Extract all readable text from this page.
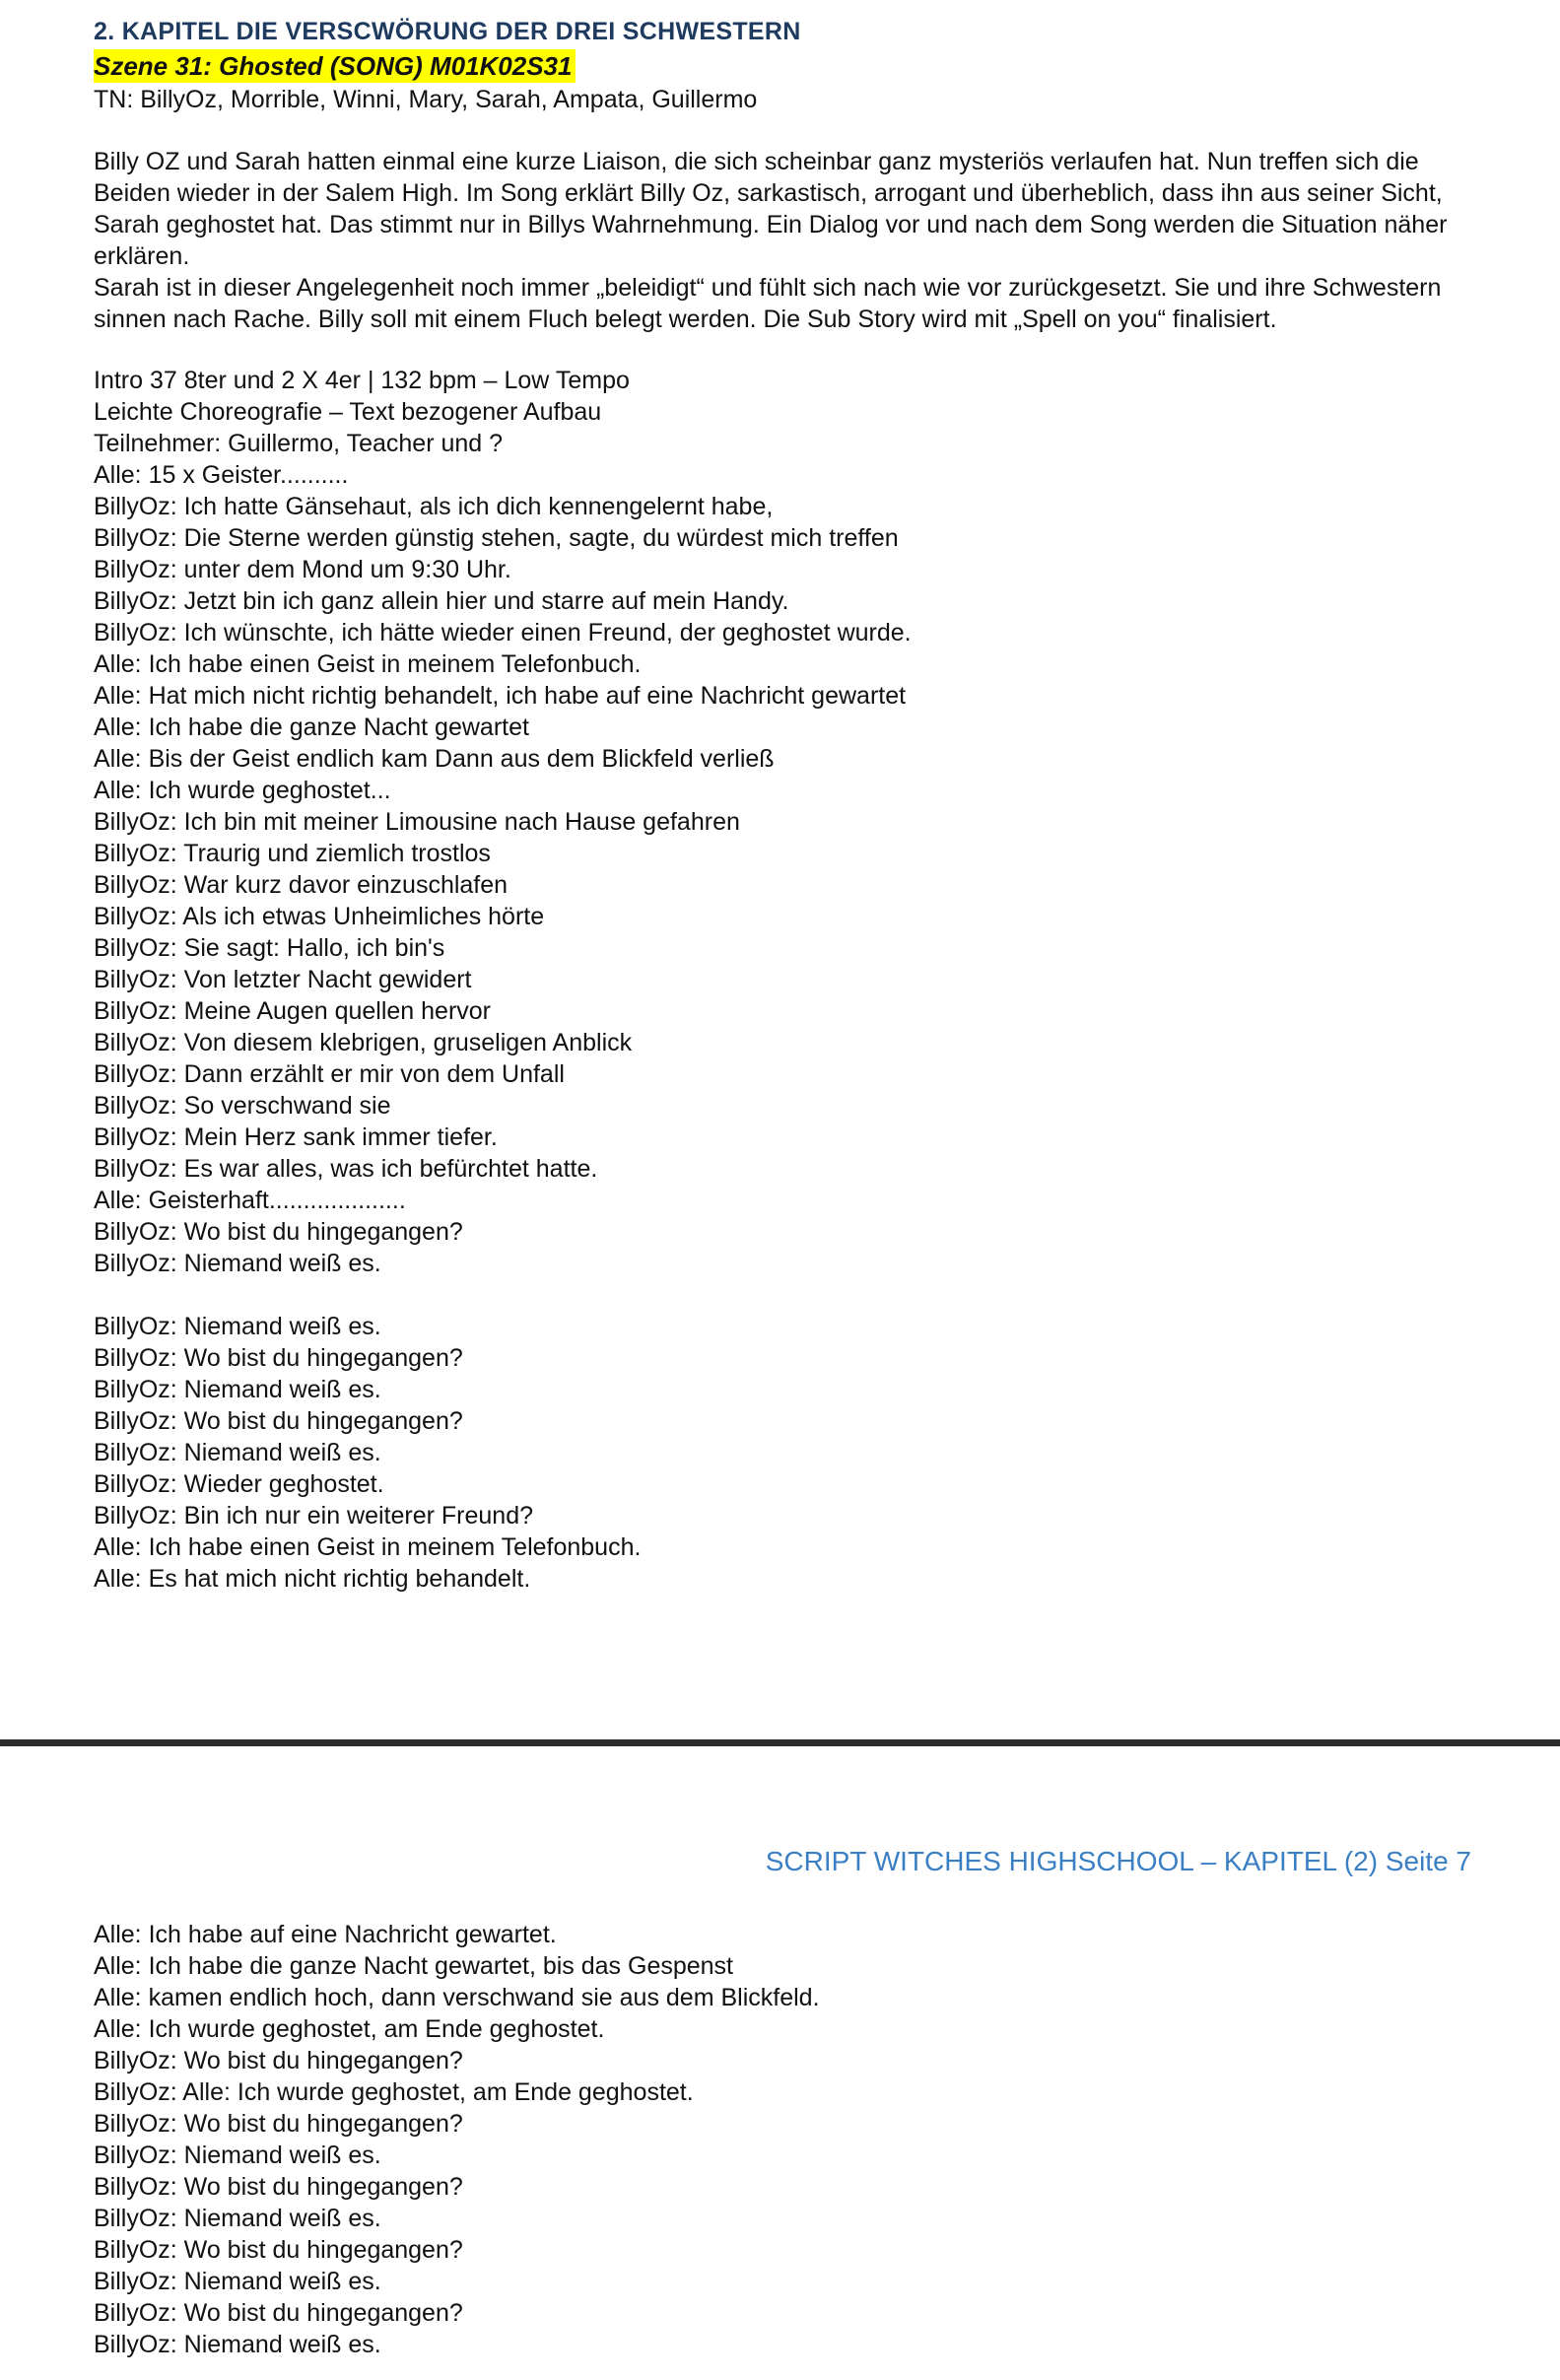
2. KAPITEL DIE VERSCWÖRUNG DER DREI SCHWESTERN
Szene 31: Ghosted (SONG) M01K02S31
TN: BillyOz, Morrible, Winni, Mary, Sarah, Ampata, Guillermo

Billy OZ und Sarah hatten einmal eine kurze Liaison, die sich scheinbar ganz mysteriös verlaufen hat. Nun treffen sich die Beiden wieder in der Salem High. Im Song erklärt Billy Oz, sarkastisch, arrogant und überheblich, dass ihn aus seiner Sicht, Sarah geghostet hat. Das stimmt nur in Billys Wahrnehmung. Ein Dialog vor und nach dem Song werden die Situation näher erklären.

Sarah ist in dieser Angelegenheit noch immer „beleidigt“ und fühlt sich nach wie vor zurückgesetzt. Sie und ihre Schwestern sinnen nach Rache. Billy soll mit einem Fluch belegt werden. Die Sub Story wird mit „Spell on you“ finalisiert.

Intro 37 8ter und 2 X 4er | 132 bpm – Low Tempo
Leichte Choreografie – Text bezogener Aufbau
Teilnehmer: Guillermo, Teacher und ?
Alle: 15 x Geister..........
BillyOz: Ich hatte Gänsehaut, als ich dich kennengelernt habe,
BillyOz: Die Sterne werden günstig stehen, sagte, du würdest mich treffen
BillyOz: unter dem Mond um 9:30 Uhr.
BillyOz: Jetzt bin ich ganz allein hier und starre auf mein Handy.
BillyOz: Ich wünschte, ich hätte wieder einen Freund, der geghostet wurde.
Alle: Ich habe einen Geist in meinem Telefonbuch.
Alle: Hat mich nicht richtig behandelt, ich habe auf eine Nachricht gewartet
Alle: Ich habe die ganze Nacht gewartet
Alle: Bis der Geist endlich kam Dann aus dem Blickfeld verließ
Alle: Ich wurde geghostet...
BillyOz: Ich bin mit meiner Limousine nach Hause gefahren
BillyOz: Traurig und ziemlich trostlos
BillyOz: War kurz davor einzuschlafen
BillyOz: Als ich etwas Unheimliches hörte
BillyOz: Sie sagt: Hallo, ich bin's
BillyOz: Von letzter Nacht gewidert
BillyOz: Meine Augen quellen hervor
BillyOz: Von diesem klebrigen, gruseligen Anblick
BillyOz: Dann erzählt er mir von dem Unfall
BillyOz: So verschwand sie
BillyOz: Mein Herz sank immer tiefer.
BillyOz: Es war alles, was ich befürchtet hatte.
Alle: Geisterhaft....................
BillyOz: Wo bist du hingegangen?
BillyOz: Niemand weiß es.
BillyOz: Niemand weiß es.
BillyOz: Wo bist du hingegangen?
BillyOz: Niemand weiß es.
BillyOz: Wo bist du hingegangen?
BillyOz: Niemand weiß es.
BillyOz: Wieder geghostet.
BillyOz: Bin ich nur ein weiterer Freund?
Alle: Ich habe einen Geist in meinem Telefonbuch.
Alle: Es hat mich nicht richtig behandelt.
SCRIPT WITCHES HIGHSCHOOL – KAPITEL (2) Seite 7
Alle: Ich habe auf eine Nachricht gewartet.
Alle: Ich habe die ganze Nacht gewartet, bis das Gespenst
Alle: kamen endlich hoch, dann verschwand sie aus dem Blickfeld.
Alle: Ich wurde geghostet, am Ende geghostet.
BillyOz: Wo bist du hingegangen?
BillyOz: Alle: Ich wurde geghostet, am Ende geghostet.
BillyOz: Wo bist du hingegangen?
BillyOz: Niemand weiß es.
BillyOz: Wo bist du hingegangen?
BillyOz: Niemand weiß es.
BillyOz: Wo bist du hingegangen?
BillyOz: Niemand weiß es.
BillyOz: Wo bist du hingegangen?
BillyOz: Niemand weiß es.
